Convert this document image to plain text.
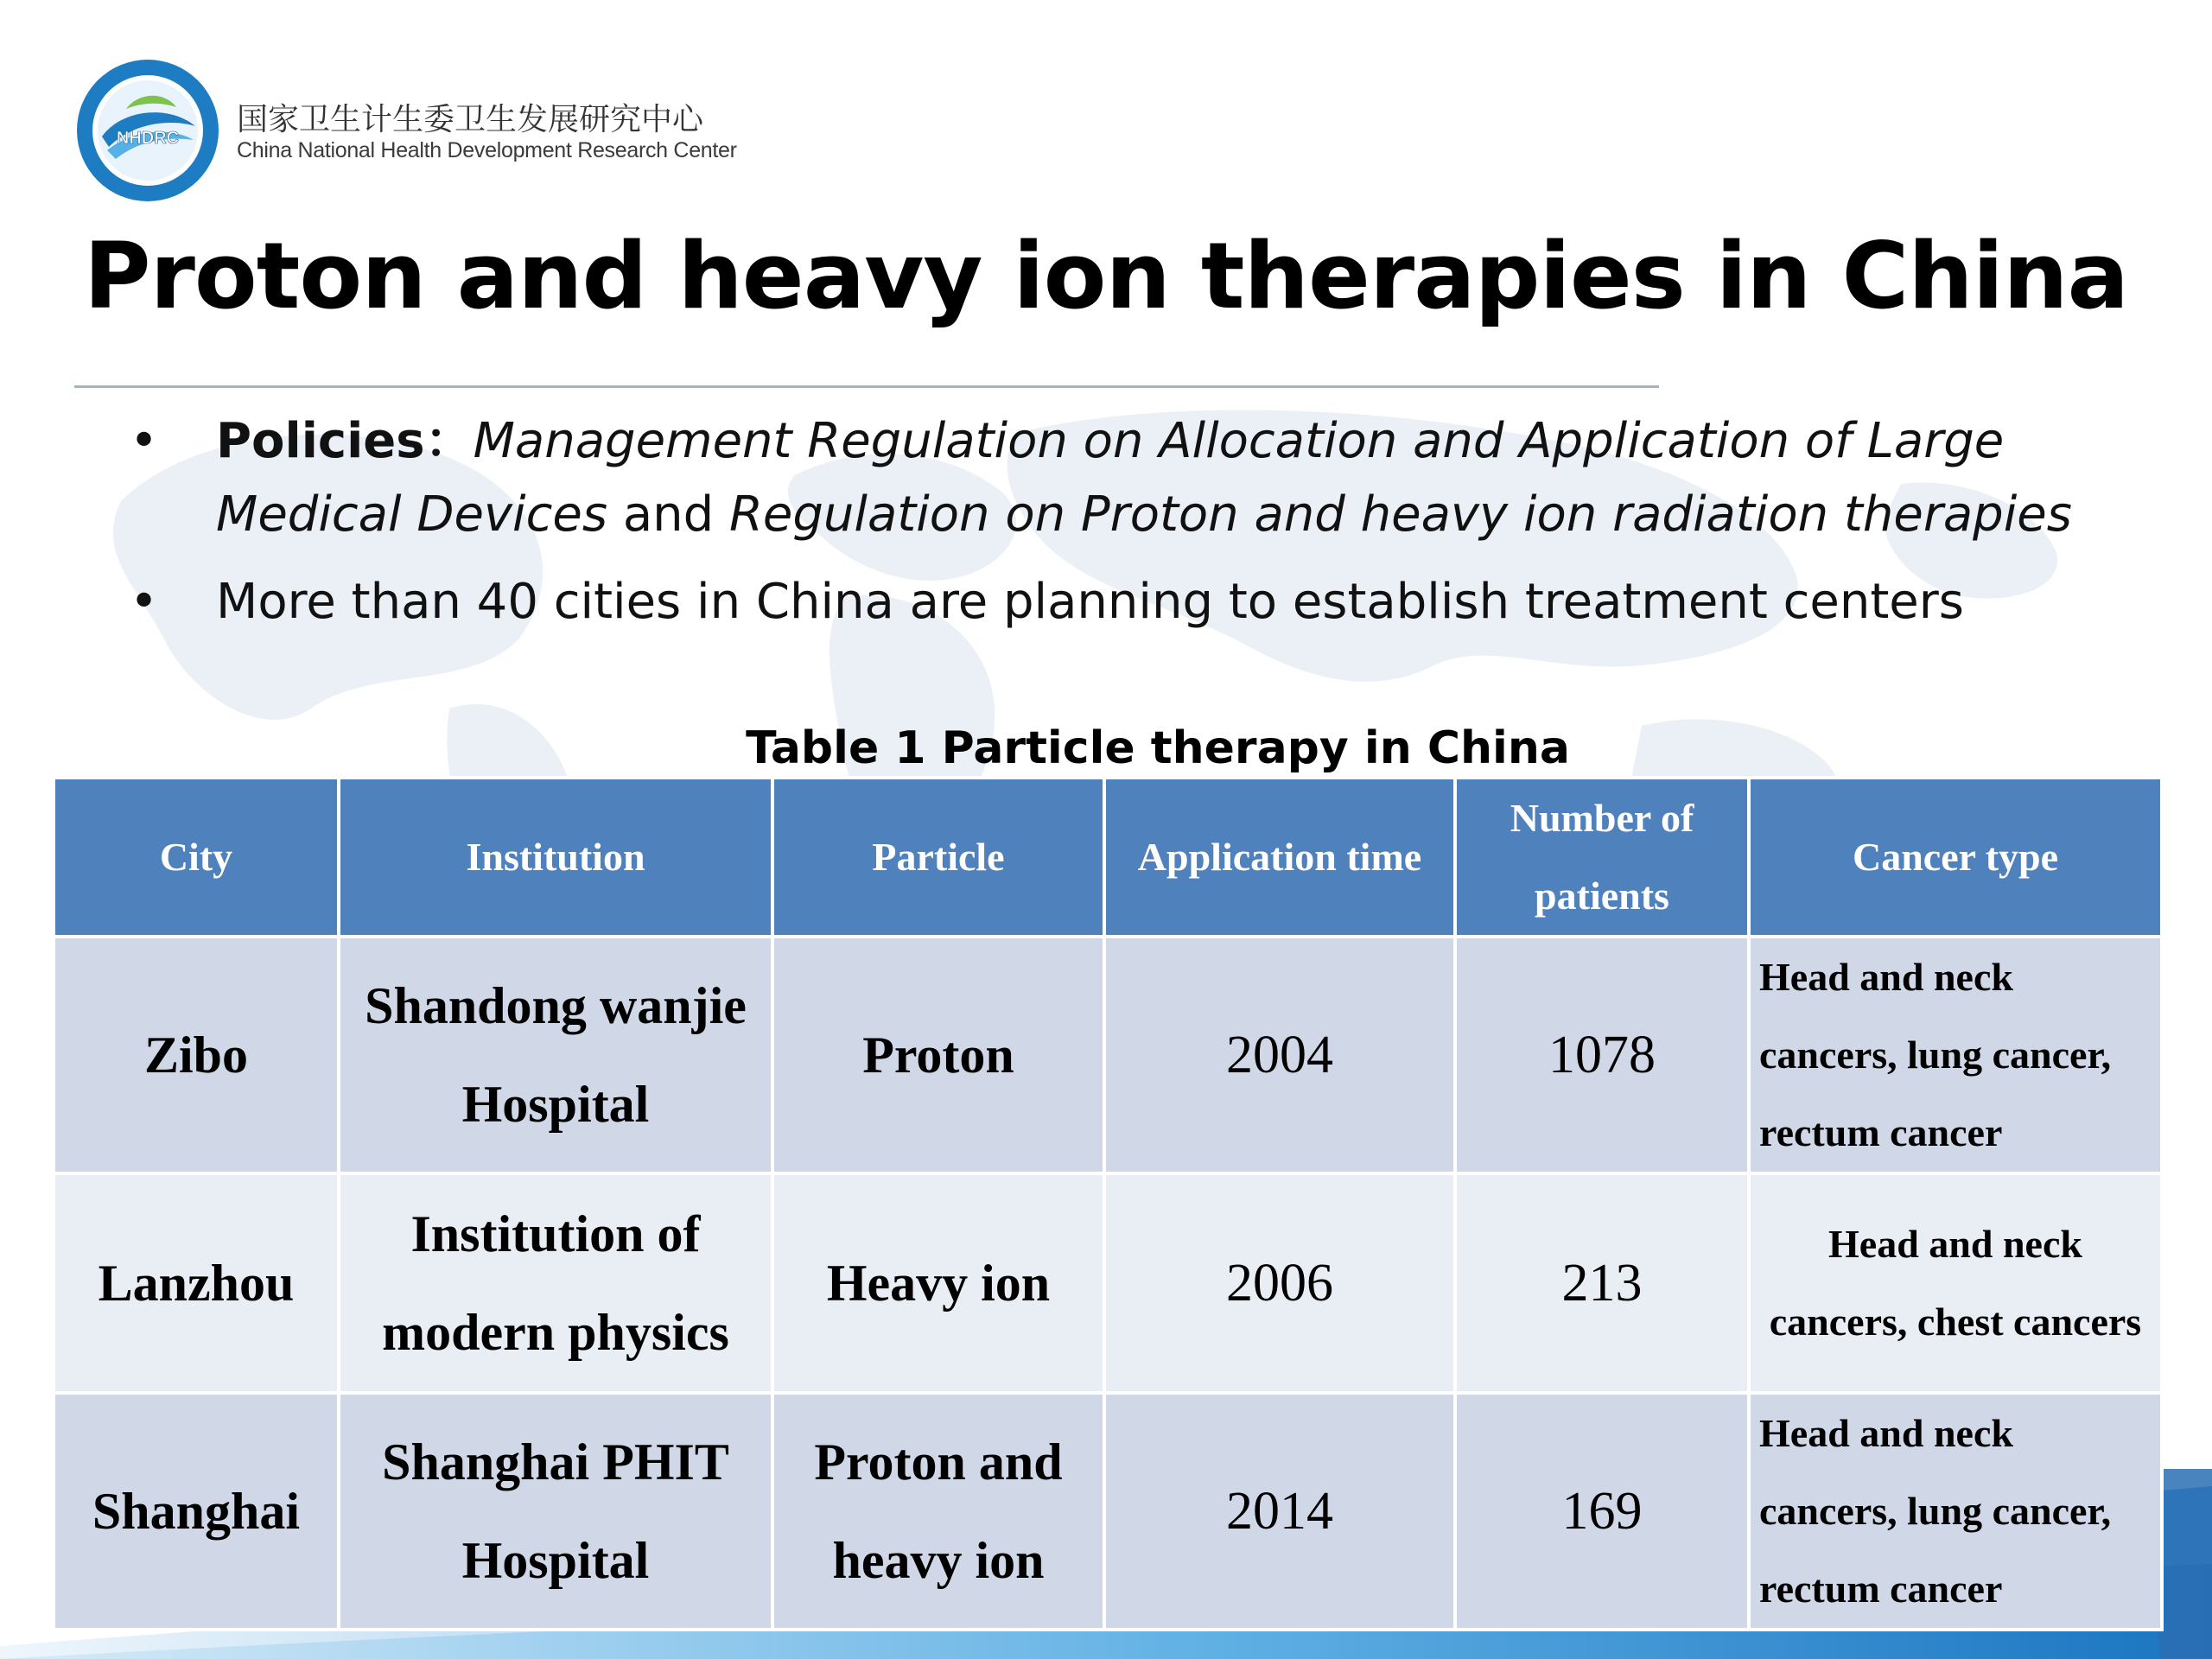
NHDRC
国家卫生计生委卫生发展研究中心
China National Health Development Research Center
Proton and heavy ion therapies in China
• Policies：Management Regulation on Allocation and Application of Large Medical Devices and Regulation on Proton and heavy ion radiation therapies
• More than 40 cities in China are planning to establish treatment centers
Table 1 Particle therapy in China
City	Institution	Particle	Application time	Number of patients	Cancer type
Zibo	Shandong wanjie Hospital	Proton	2004	1078	Head and neck cancers, lung cancer, rectum cancer
Lanzhou	Institution of modern physics	Heavy ion	2006	213	Head and neck cancers, chest cancers
Shanghai	Shanghai PHIT Hospital	Proton and heavy ion	2014	169	Head and neck cancers, lung cancer, rectum cancer
